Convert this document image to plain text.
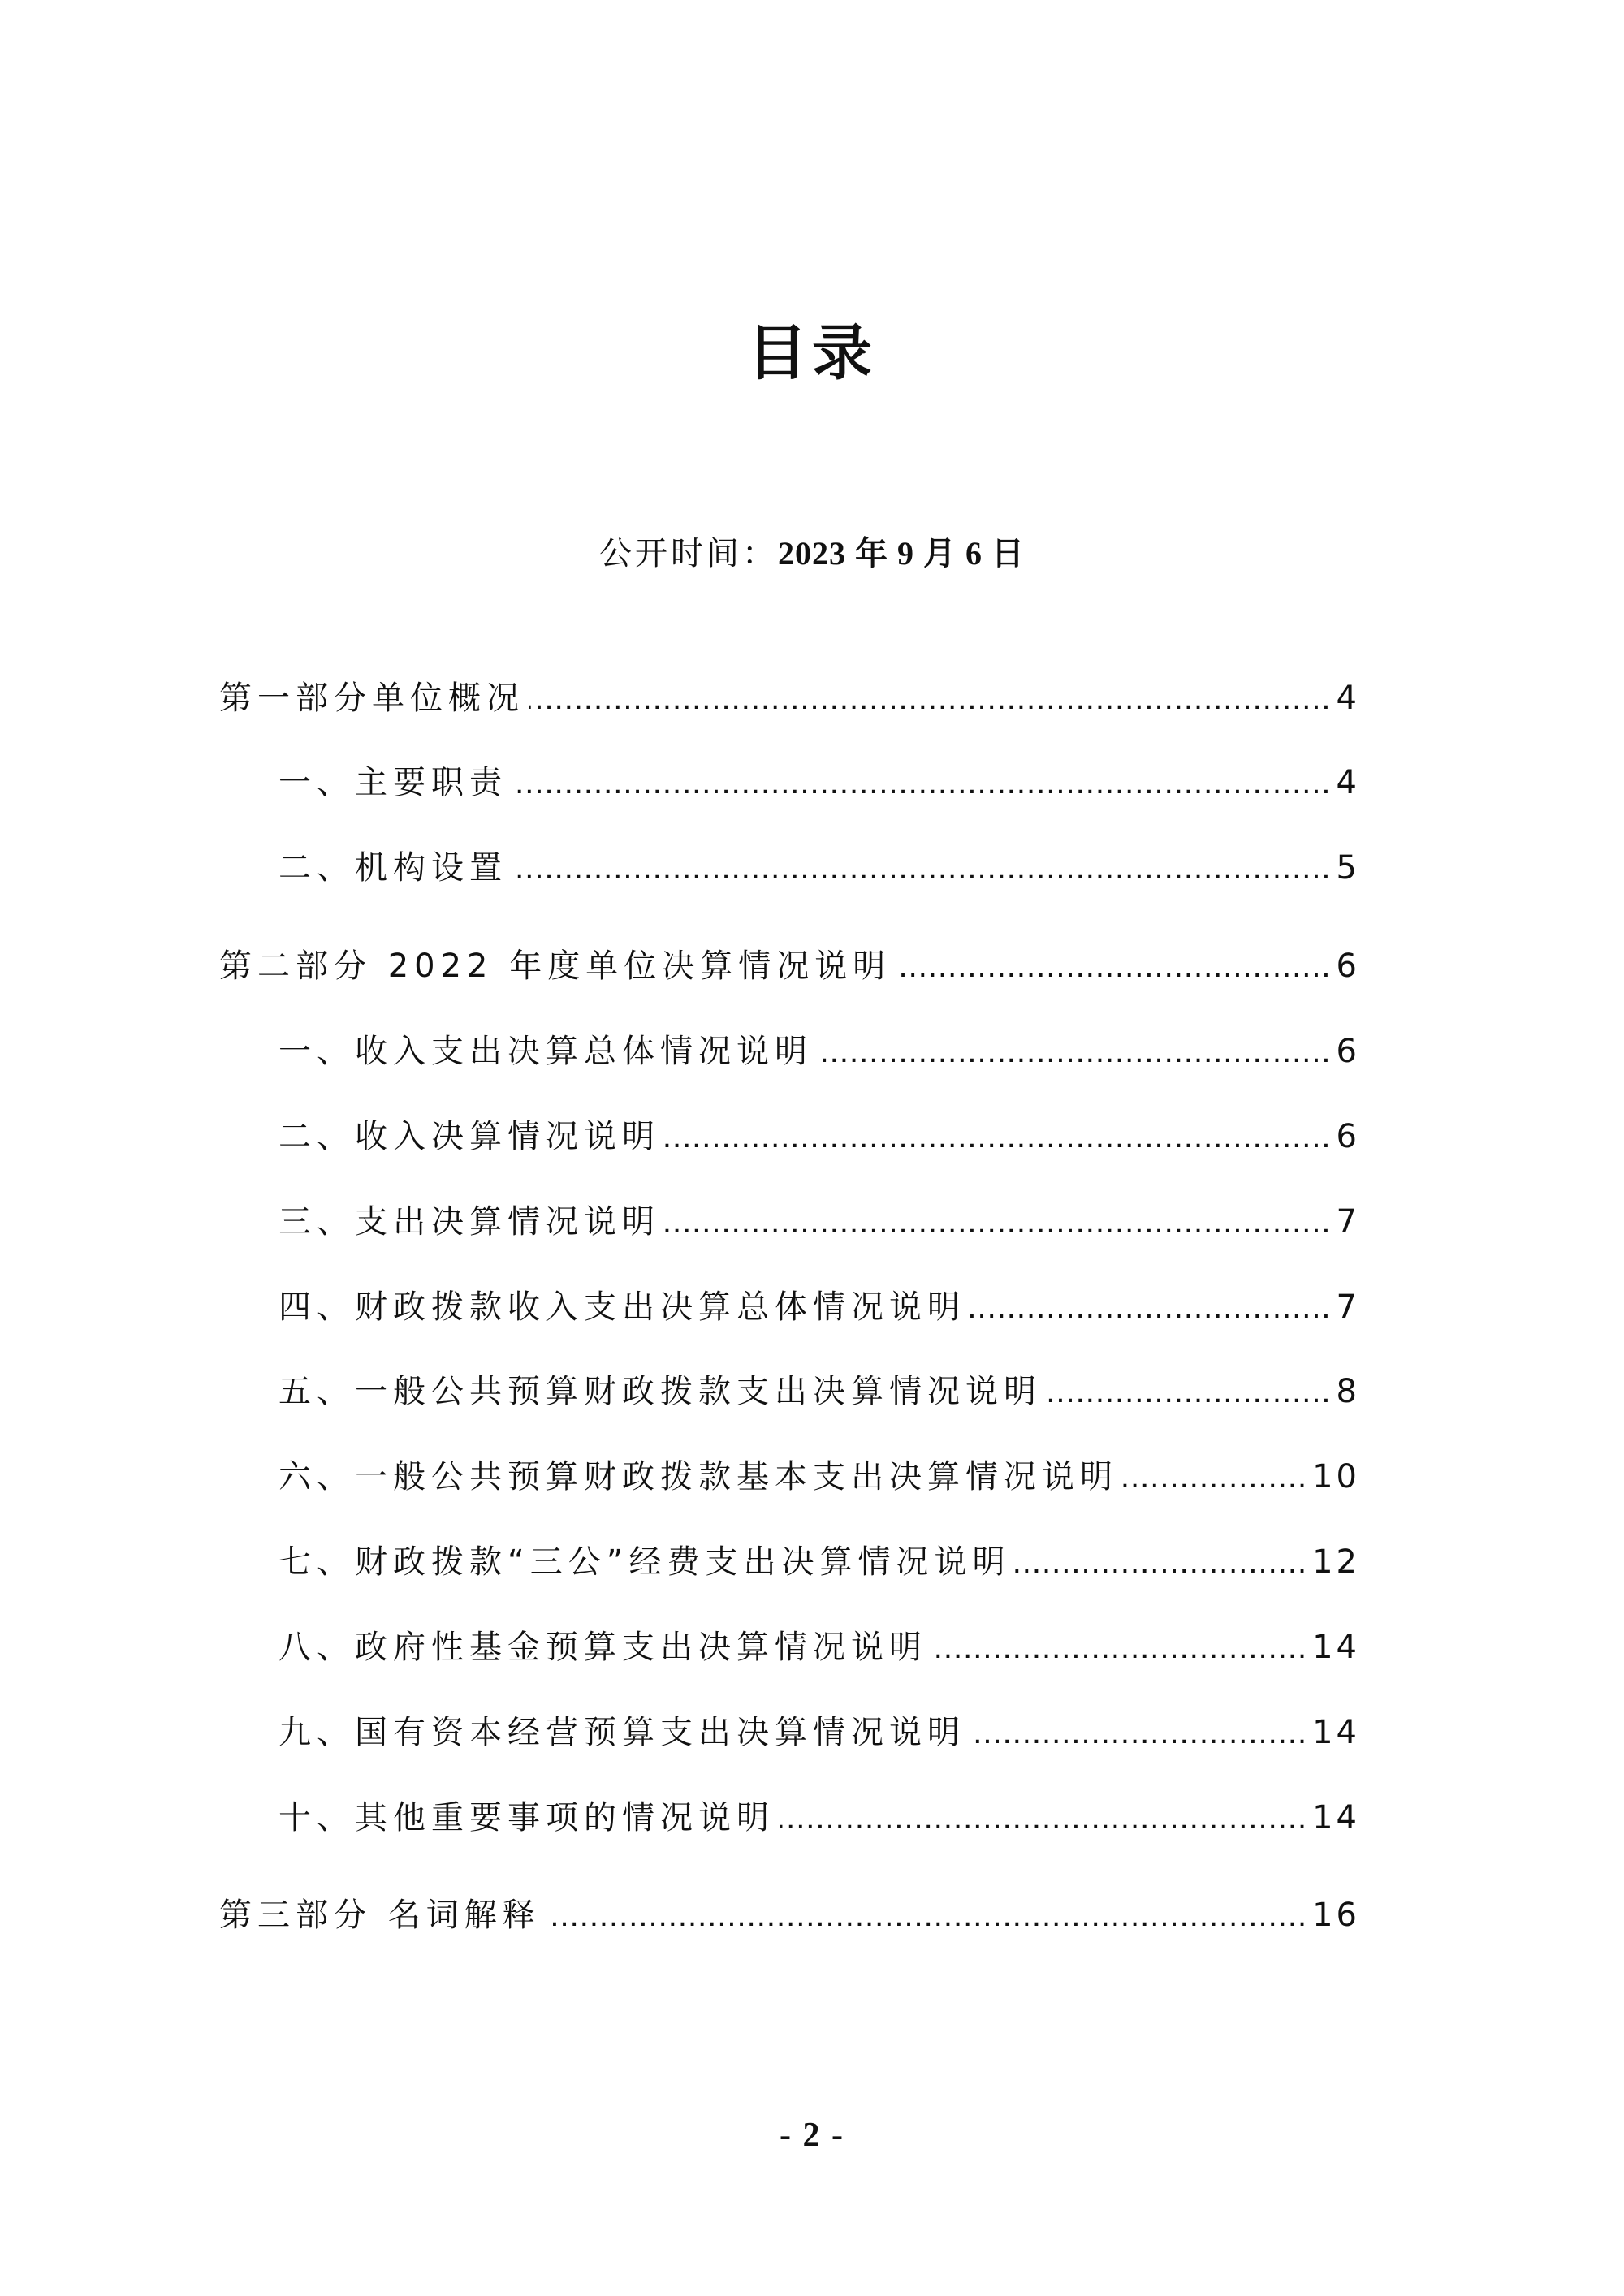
目录
公开时间：2023 年 9 月 6 日
第一部分单位概况 .....	4
一、主要职责 .....	4
二、机构设置 .....	5
第二部分 2022 年度单位决算情况说明 .....	6
一、收入支出决算总体情况说明 .....	6
二、收入决算情况说明 .....	6
三、支出决算情况说明 .....	7
四、财政拨款收入支出决算总体情况说明 .....	7
五、一般公共预算财政拨款支出决算情况说明 .....	8
六、一般公共预算财政拨款基本支出决算情况说明 .....	10
七、财政拨款“三公”经费支出决算情况说明 .....	12
八、政府性基金预算支出决算情况说明 .....	14
九、国有资本经营预算支出决算情况说明 .....	14
十、其他重要事项的情况说明 .....	14
第三部分 名词解释 .....	16
- 2 -
